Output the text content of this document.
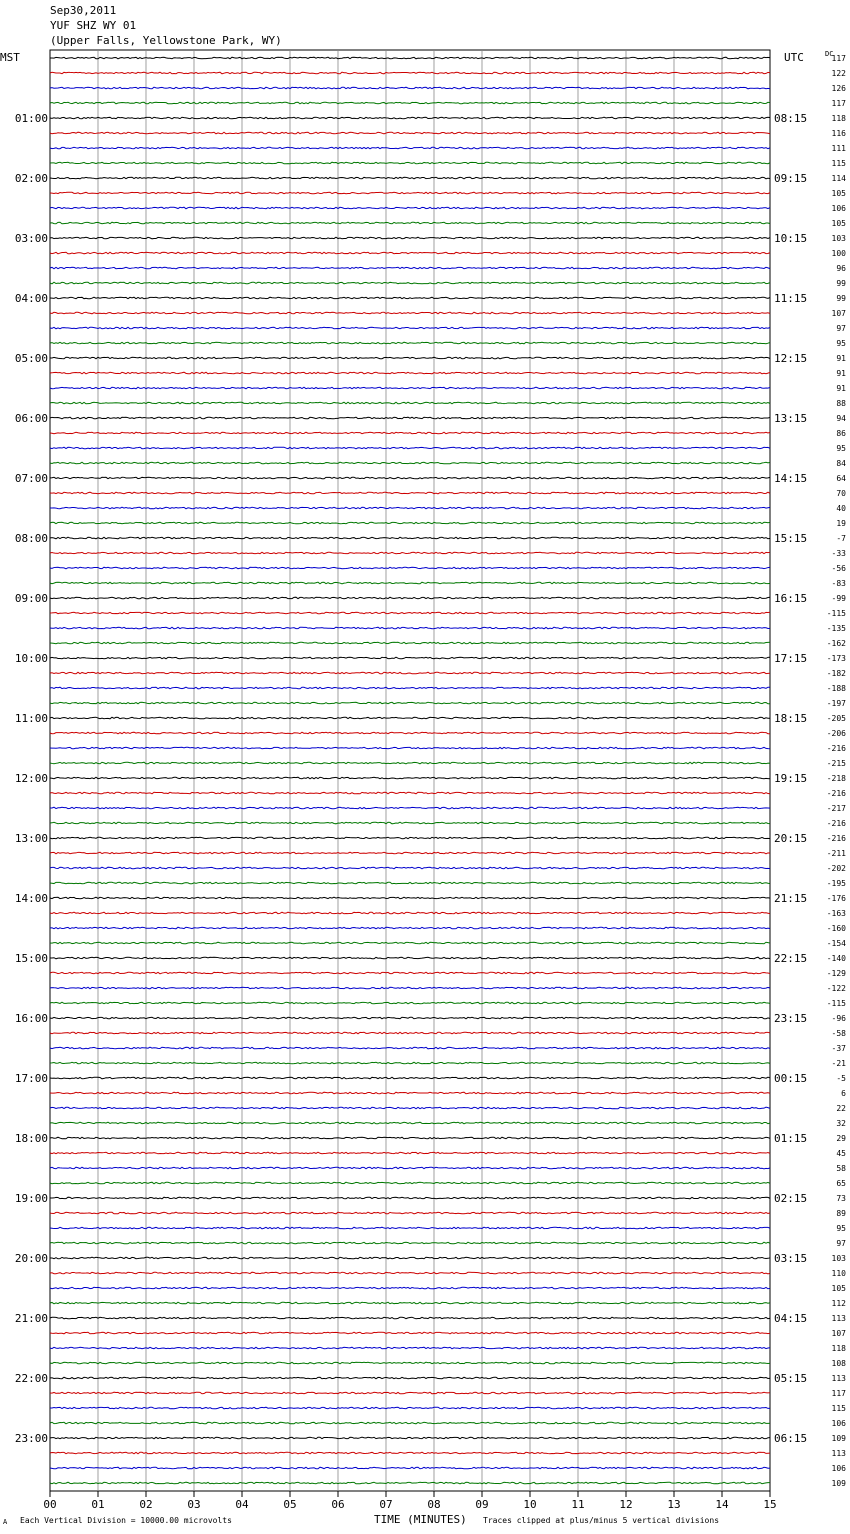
Sep30,2011
YUF SHZ WY 01
(Upper Falls, Yellowstone Park, WY)
117
122
126
117
118
116
111
115
114
105
106
105
103
100
96
99
99
107
97
95
91
91
91
88
94
86
95
84
64
70
40
19
-7
-33
-56
-83
-99
-115
-135
-162
-173
-182
-188
-197
-205
-206
-216
-215
-218
-216
-217
-216
-216
-211
-202
-195
-176
-163
-160
-154
-140
-129
-122
-115
-96
-58
-37
-21
-5
6
22
32
29
45
58
65
73
89
95
97
103
110
105
112
113
107
118
108
113
117
115
106
109
113
106
109
MST	UTC	DC
01:00
02:00
03:00
04:00
05:00
06:00
07:00
08:00
09:00
10:00
11:00
12:00
13:00
14:00
15:00
16:00
17:00
18:00
19:00
20:00
21:00
22:00
23:00
08:15
09:15
10:15
11:15
12:15
13:15
14:15
15:15
16:15
17:15
18:15
19:15
20:15
21:15
22:15
23:15
00:15
01:15
02:15
03:15
04:15
05:15
06:15
00	01	02	03	04	05	06	07	08	09	10	11	12	13	14	15
A Each Vertical Division = 10000.00 microvolts	TIME (MINUTES) Traces clipped at plus/minus 5 vertical divisions
